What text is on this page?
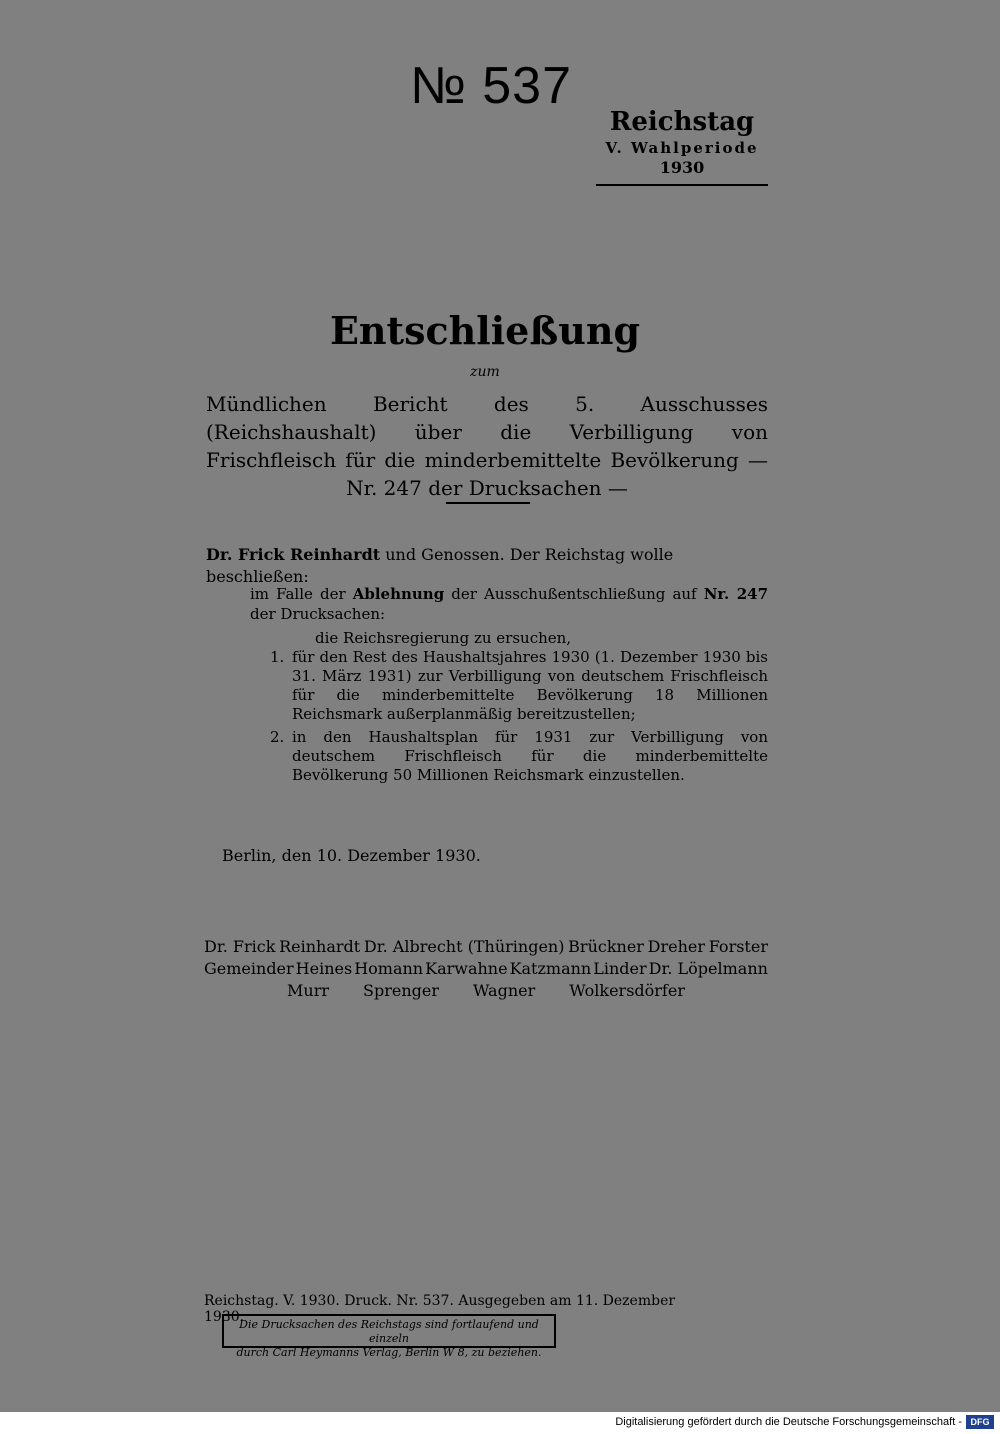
№ 537
Reichstag
V. Wahlperiode
1930
Entschließung
zum
Mündlichen Bericht des 5. Ausschusses (Reichshaushalt) über die Verbilligung von Frischfleisch für die minderbemittelte Bevölkerung — Nr. 247 der Drucksachen —
Dr. Frick Reinhardt und Genossen. Der Reichstag wolle beschließen:
im Falle der Ablehnung der Ausschußentschließung auf Nr. 247 der Drucksachen:
die Reichsregierung zu ersuchen,
1. für den Rest des Haushaltsjahres 1930 (1. Dezember 1930 bis 31. März 1931) zur Verbilligung von deutschem Frischfleisch für die minderbemittelte Bevölkerung 18 Millionen Reichsmark außerplanmäßig bereitzustellen;
2. in den Haushaltsplan für 1931 zur Verbilligung von deutschem Frischfleisch für die minderbemittelte Bevölkerung 50 Millionen Reichsmark einzustellen.
Berlin, den 10. Dezember 1930.
Dr. Frick Reinhardt Dr. Albrecht (Thüringen) Brückner Dreher Forster
Gemeinder Heines Homann Karwahne Katzmann Linder Dr. Löpelmann
Murr Sprenger Wagner Wolkersdörfer
Reichstag. V. 1930. Druck. Nr. 537. Ausgegeben am 11. Dezember 1930.
Die Drucksachen des Reichstags sind fortlaufend und einzeln
durch Carl Heymanns Verlag, Berlin W 8, zu beziehen.
Digitalisierung gefördert durch die Deutsche Forschungsgemeinschaft - DFG
